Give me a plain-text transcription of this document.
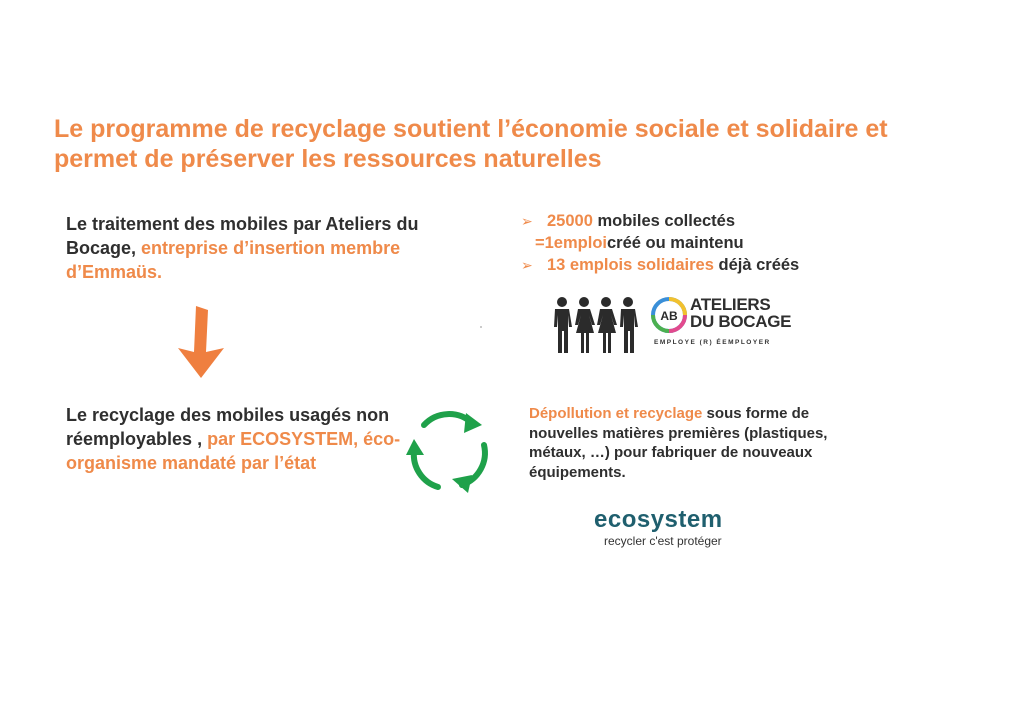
Le programme de recyclage soutient l’économie sociale et solidaire et permet de préserver les ressources naturelles

Le traitement des mobiles par Ateliers du Bocage, entreprise d’insertion membre d’Emmaüs.

Le recyclage des mobiles usagés non réemployables , par ECOSYSTEM, éco-organisme mandaté par l’état

➢ 25000 mobiles collectés
=1emploi créé ou maintenu
➢ 13 emplois solidaires déjà créés
AB
ATELIERS
DU BOCAGE
EMPLOYE (R) ÉEMPLOYER

Dépollution et recyclage sous forme de nouvelles matières premières (plastiques, métaux, …) pour fabriquer de nouveaux équipements.

ecosystem
recycler c'est protéger
